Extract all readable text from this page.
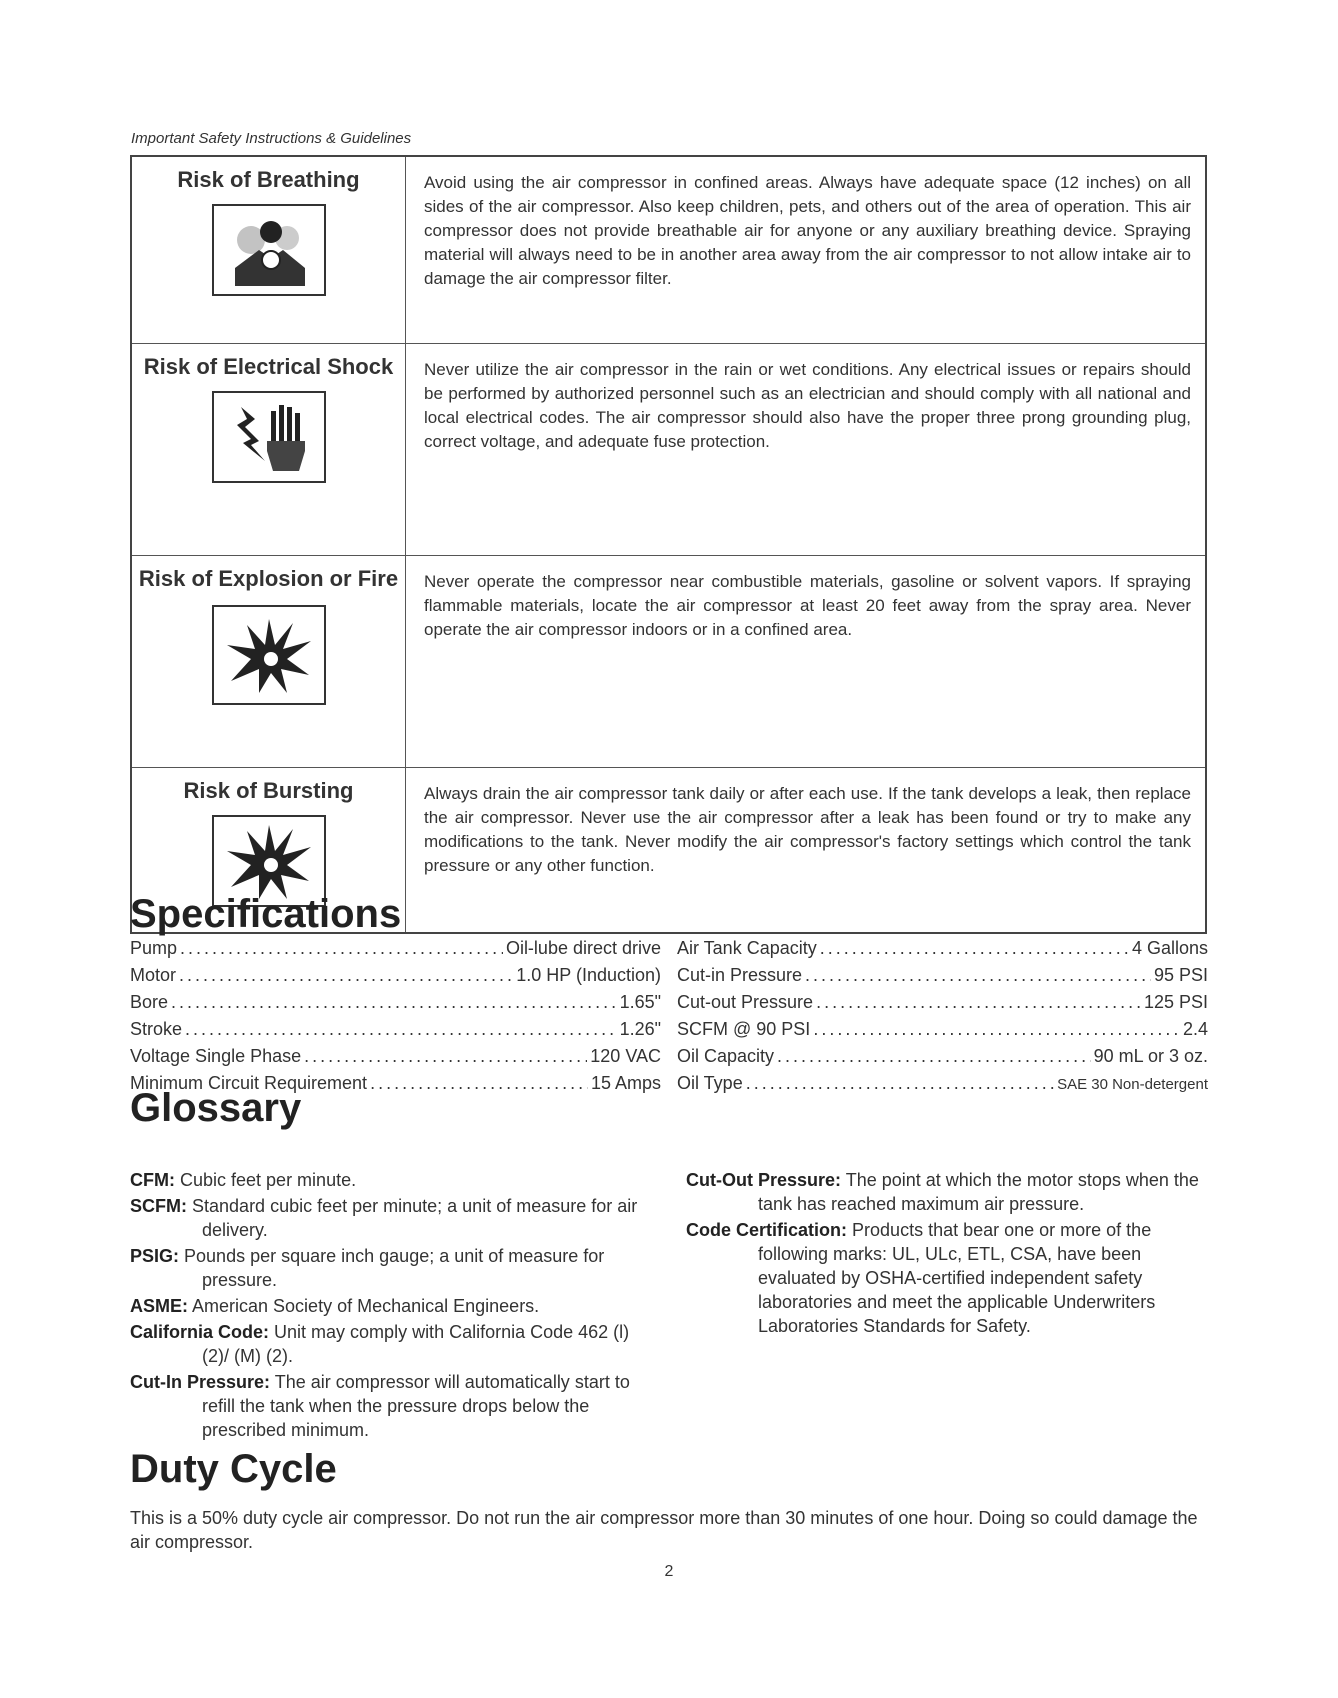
Important Safety Instructions & Guidelines
Risk of Breathing	Avoid using the air compressor in confined areas. Always have adequate space (12 inches) on all sides of the air compressor. Also keep children, pets, and others out of the area of operation. This air compressor does not provide breathable air for anyone or any auxiliary breathing device. Spraying material will always need to be in another area away from the air compressor to not allow intake air to damage the air compressor filter.

Risk of Electrical Shock	Never utilize the air compressor in the rain or wet conditions. Any electrical issues or repairs should be performed by authorized personnel such as an electrician and should comply with all national and local electrical codes. The air compressor should also have the proper three prong grounding plug, correct voltage, and adequate fuse protection.

Risk of Explosion or Fire	Never operate the compressor near combustible materials, gasoline or solvent vapors. If spraying flammable materials, locate the air compressor at least 20 feet away from the spray area. Never operate the air compressor indoors or in a confined area.

Risk of Bursting	Always drain the air compressor tank daily or after each use. If the tank develops a leak, then replace the air compressor. Never use the air compressor after a leak has been found or try to make any modifications to the tank. Never modify the air compressor's factory settings which control the tank pressure or any other function.
Specifications
Pump .....	Oil-lube direct drive
Motor .....	1.0 HP (Induction)
Bore .....	1.65"
Stroke .....	1.26"
Voltage Single Phase .....	120 VAC
Minimum Circuit Requirement .....	15 Amps
Air Tank Capacity .....	4 Gallons
Cut-in Pressure .....	95 PSI
Cut-out Pressure .....	125 PSI
SCFM @ 90 PSI .....	2.4
Oil Capacity .....	90 mL or 3 oz.
Oil Type .....	SAE 30 Non-detergent
Glossary
CFM: Cubic feet per minute.
SCFM: Standard cubic feet per minute; a unit of measure for air delivery.
PSIG: Pounds per square inch gauge; a unit of measure for pressure.
ASME: American Society of Mechanical Engineers.
California Code: Unit may comply with California Code 462 (l) (2)/ (M) (2).
Cut-In Pressure: The air compressor will automatically start to refill the tank when the pressure drops below the prescribed minimum.
Cut-Out Pressure: The point at which the motor stops when the tank has reached maximum air pressure.
Code Certification: Products that bear one or more of the following marks: UL, ULc, ETL, CSA, have been evaluated by OSHA-certified independent safety laboratories and meet the applicable Underwriters Laboratories Standards for Safety.
Duty Cycle
This is a 50% duty cycle air compressor. Do not run the air compressor more than 30 minutes of one hour. Doing so could damage the air compressor.
2
